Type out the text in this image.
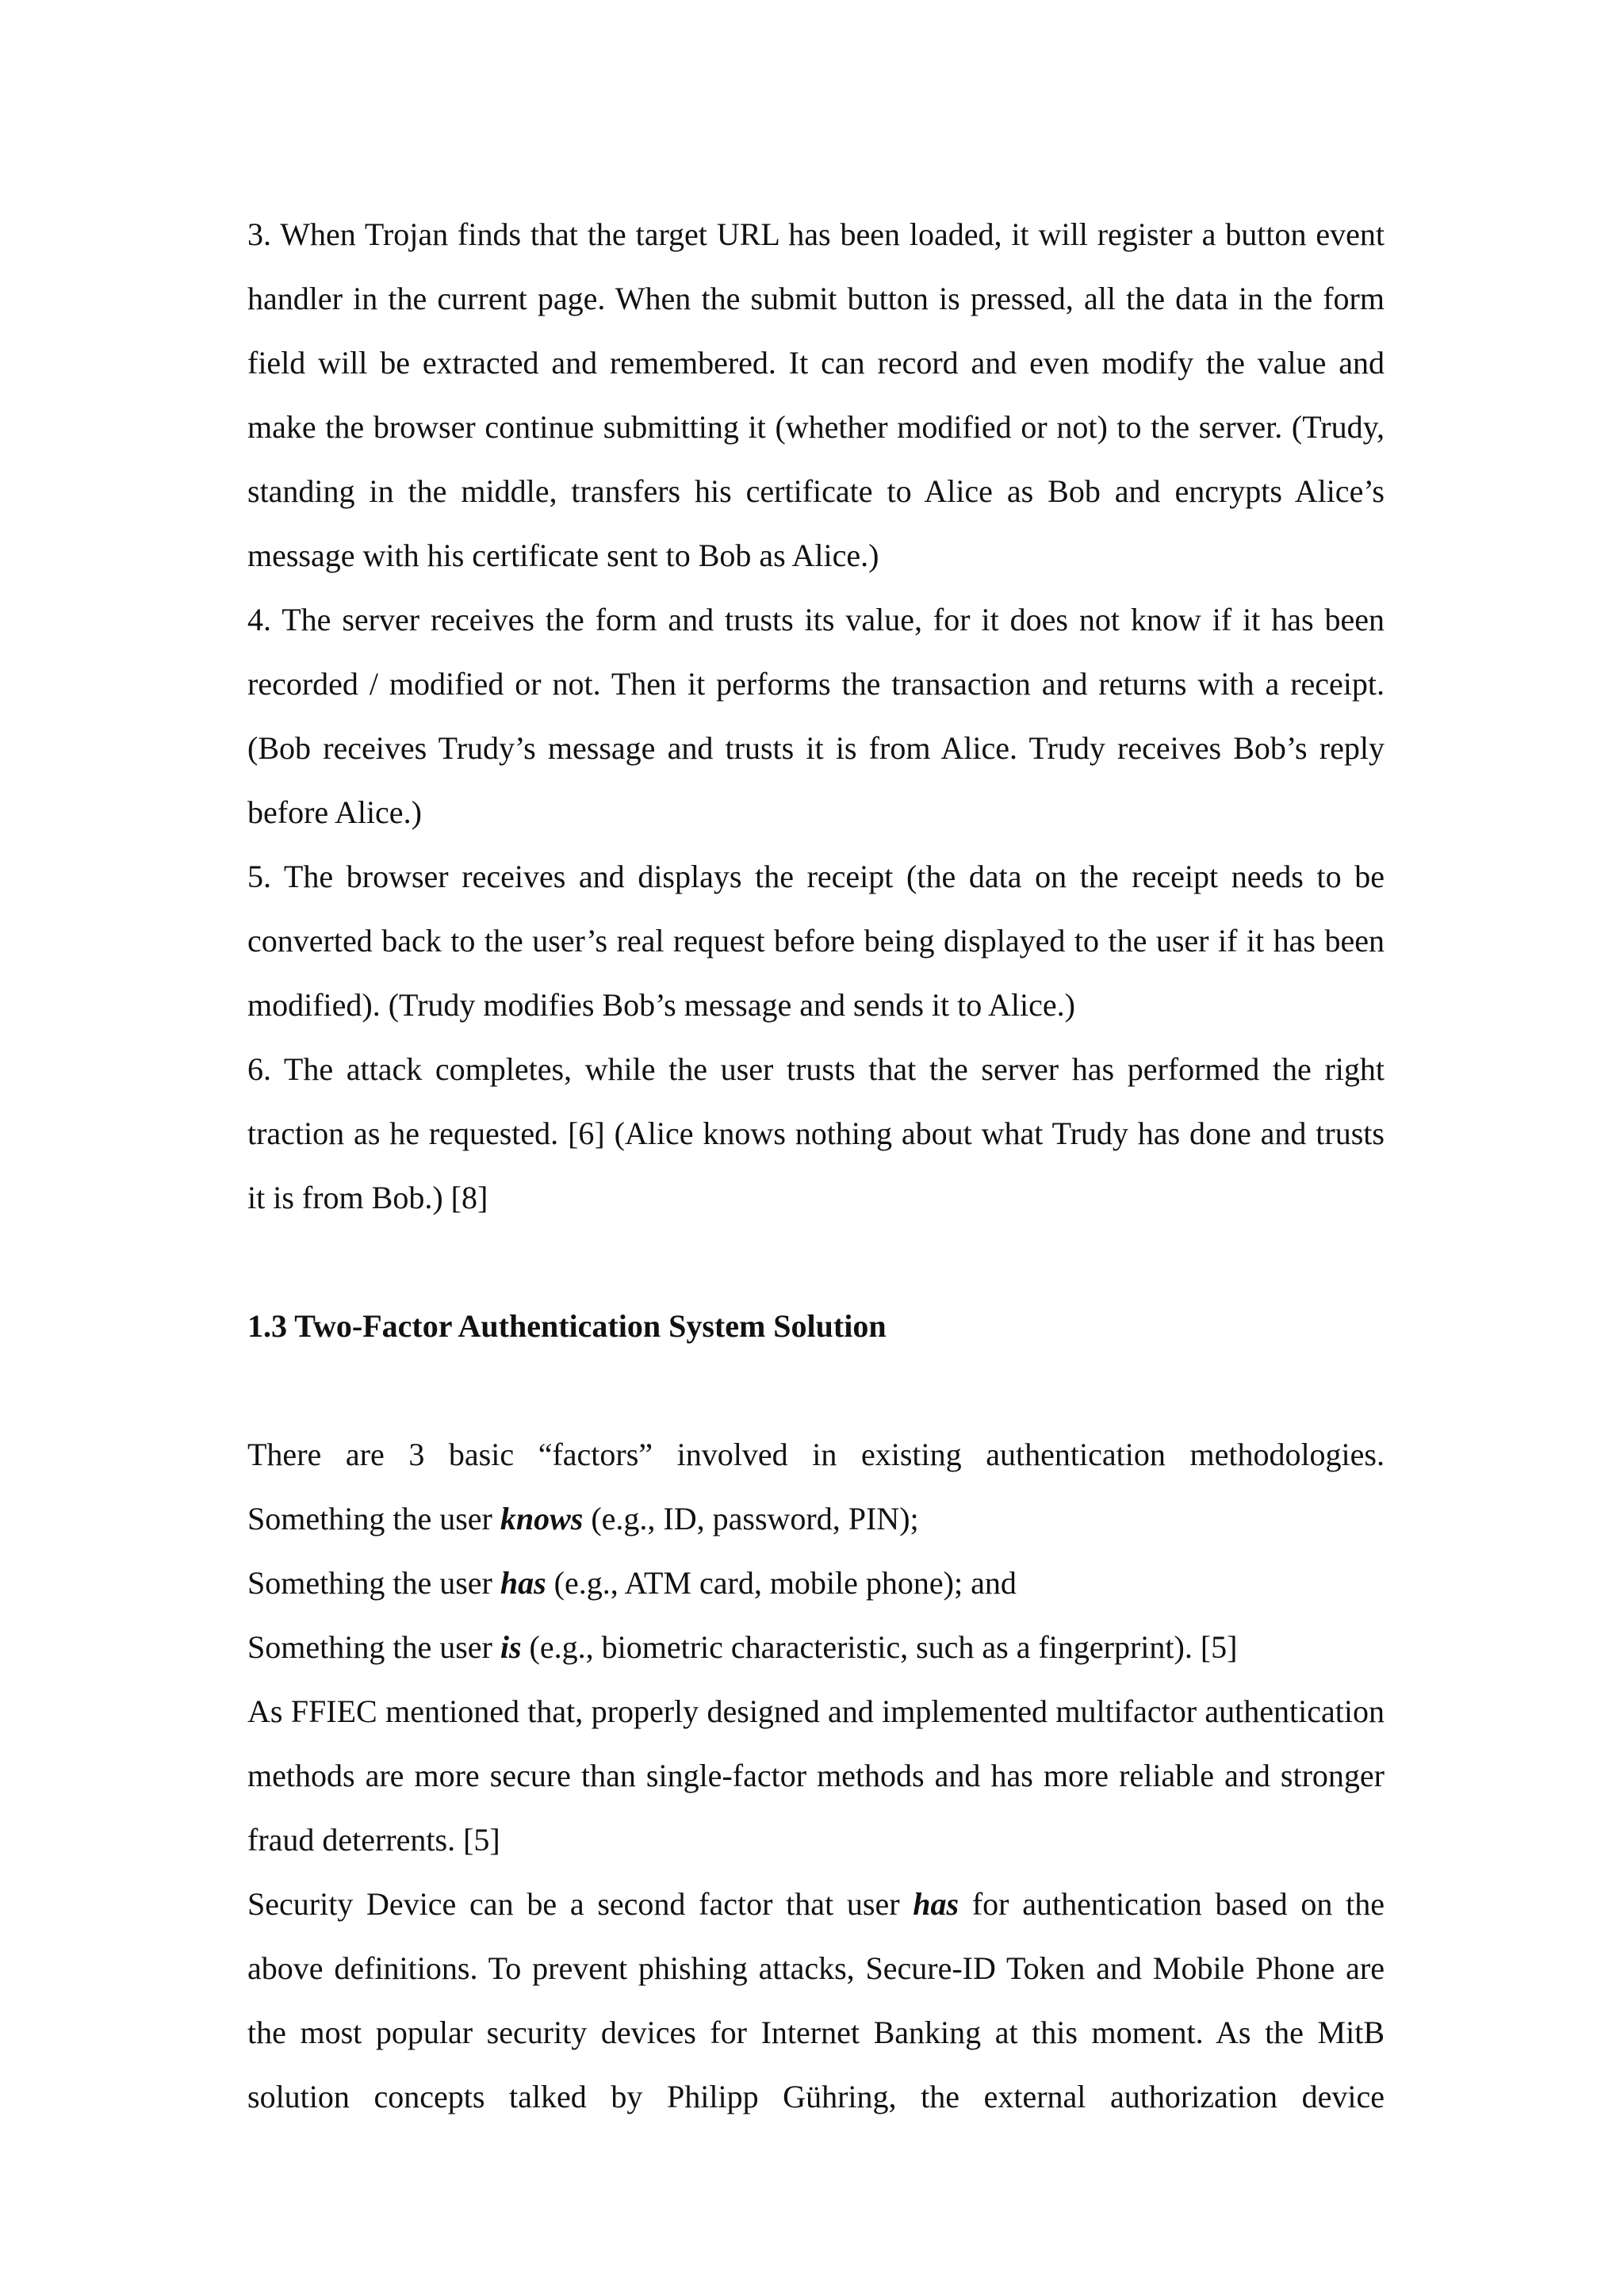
3. When Trojan finds that the target URL has been loaded, it will register a button event handler in the current page. When the submit button is pressed, all the data in the form field will be extracted and remembered. It can record and even modify the value and make the browser continue submitting it (whether modified or not) to the server. (Trudy, standing in the middle, transfers his certificate to Alice as Bob and encrypts Alice’s message with his certificate sent to Bob as Alice.)

4. The server receives the form and trusts its value, for it does not know if it has been recorded / modified or not. Then it performs the transaction and returns with a receipt. (Bob receives Trudy’s message and trusts it is from Alice. Trudy receives Bob’s reply before Alice.)

5. The browser receives and displays the receipt (the data on the receipt needs to be converted back to the user’s real request before being displayed to the user if it has been modified). (Trudy modifies Bob’s message and sends it to Alice.)

6. The attack completes, while the user trusts that the server has performed the right traction as he requested. [6] (Alice knows nothing about what Trudy has done and trusts it is from Bob.) [8]

1.3 Two-Factor Authentication System Solution

There are 3 basic “factors” involved in existing authentication methodologies.

Something the user knows (e.g., ID, password, PIN);

Something the user has (e.g., ATM card, mobile phone); and

Something the user is (e.g., biometric characteristic, such as a fingerprint). [5]

As FFIEC mentioned that, properly designed and implemented multifactor authentication methods are more secure than single-factor methods and has more reliable and stronger fraud deterrents. [5]

Security Device can be a second factor that user has for authentication based on the above definitions. To prevent phishing attacks, Secure-ID Token and Mobile Phone are the most popular security devices for Internet Banking at this moment. As the MitB solution concepts talked by Philipp Gühring, the external authorization device
